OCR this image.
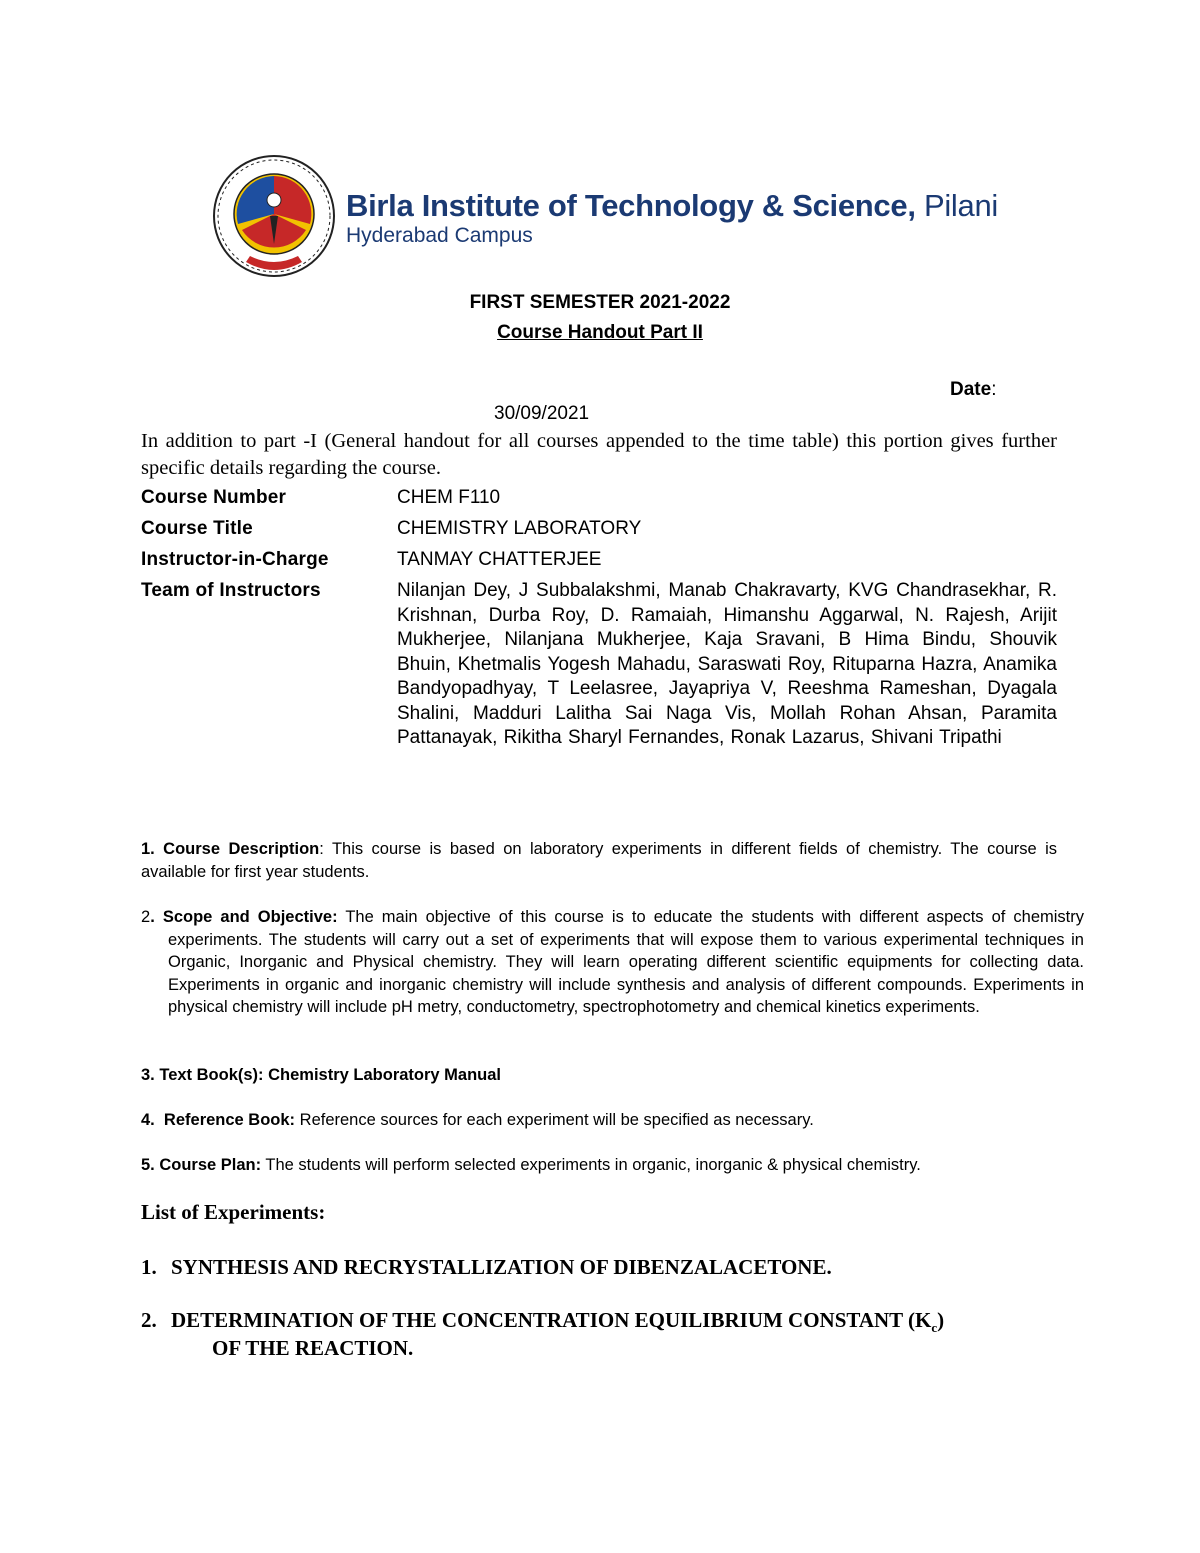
Birla Institute of Technology & Science, Pilani
Hyderabad Campus
FIRST SEMESTER 2021-2022
Course Handout Part II
Date:
30/09/2021
In addition to part -I (General handout for all courses appended to the time table) this portion gives further specific details regarding the course.
Course Number	CHEM F110
Course Title	CHEMISTRY LABORATORY
Instructor-in-Charge	TANMAY CHATTERJEE
Team of Instructors	Nilanjan Dey, J Subbalakshmi, Manab Chakravarty, KVG Chandrasekhar, R. Krishnan, Durba Roy, D. Ramaiah, Himanshu Aggarwal, N. Rajesh, Arijit Mukherjee, Nilanjana Mukherjee, Kaja Sravani, B Hima Bindu, Shouvik Bhuin, Khetmalis Yogesh Mahadu, Saraswati Roy, Rituparna Hazra, Anamika Bandyopadhyay, T Leelasree, Jayapriya V, Reeshma Rameshan, Dyagala Shalini, Madduri Lalitha Sai Naga Vis, Mollah Rohan Ahsan, Paramita Pattanayak, Rikitha Sharyl Fernandes, Ronak Lazarus, Shivani Tripathi
1. Course Description: This course is based on laboratory experiments in different fields of chemistry. The course is available for first year students.
2. Scope and Objective: The main objective of this course is to educate the students with different aspects of chemistry experiments. The students will carry out a set of experiments that will expose them to various experimental techniques in Organic, Inorganic and Physical chemistry. They will learn operating different scientific equipments for collecting data. Experiments in organic and inorganic chemistry will include synthesis and analysis of different compounds. Experiments in physical chemistry will include pH metry, conductometry, spectrophotometry and chemical kinetics experiments.
3. Text Book(s): Chemistry Laboratory Manual
4.  Reference Book: Reference sources for each experiment will be specified as necessary.
5. Course Plan: The students will perform selected experiments in organic, inorganic & physical chemistry.
List of Experiments:
1. SYNTHESIS AND RECRYSTALLIZATION OF DIBENZALACETONE.
2. DETERMINATION OF THE CONCENTRATION EQUILIBRIUM CONSTANT $(K_c)$
OF THE REACTION.
